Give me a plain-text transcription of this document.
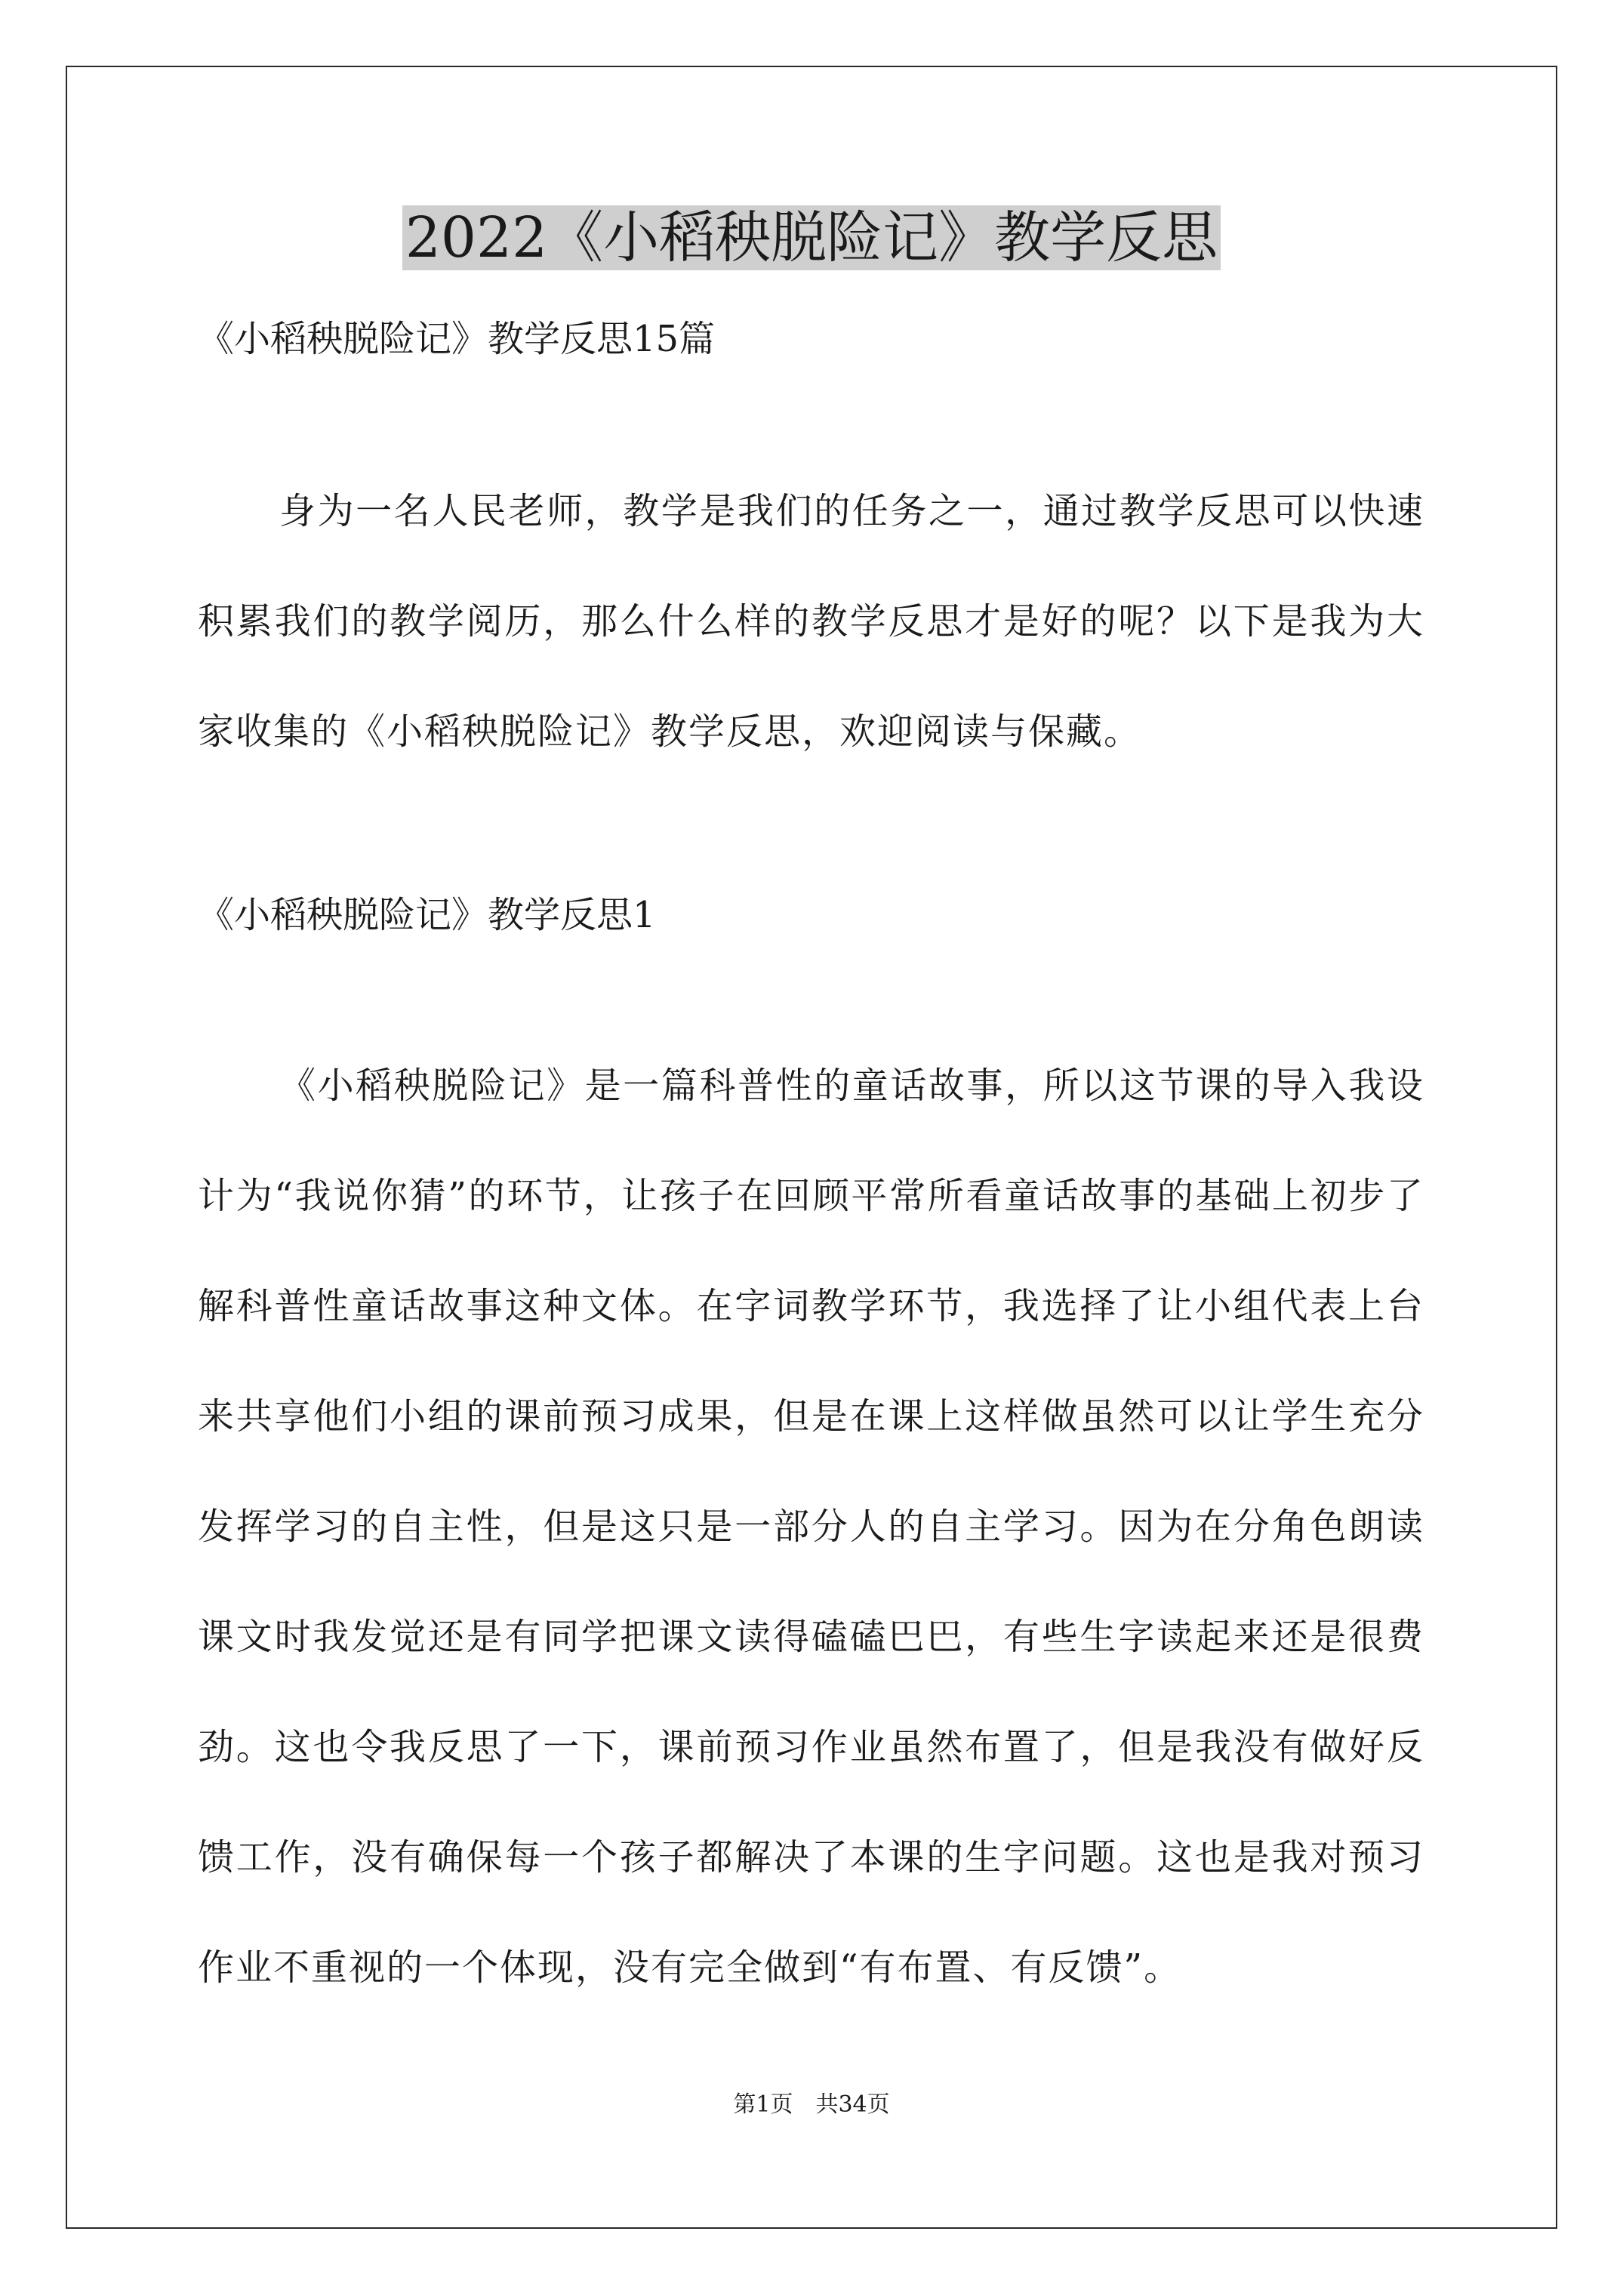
2022《小稻秧脱险记》教学反思

《小稻秧脱险记》教学反思15篇

身为一名人民老师，教学是我们的任务之一，通过教学反思可以快速积累我们的教学阅历，那么什么样的教学反思才是好的呢？以下是我为大家收集的《小稻秧脱险记》教学反思，欢迎阅读与保藏。

《小稻秧脱险记》教学反思1

《小稻秧脱险记》是一篇科普性的童话故事，所以这节课的导入我设计为“我说你猜”的环节，让孩子在回顾平常所看童话故事的基础上初步了解科普性童话故事这种文体。在字词教学环节，我选择了让小组代表上台来共享他们小组的课前预习成果，但是在课上这样做虽然可以让学生充分发挥学习的自主性，但是这只是一部分人的自主学习。因为在分角色朗读课文时我发觉还是有同学把课文读得磕磕巴巴，有些生字读起来还是很费劲。这也令我反思了一下，课前预习作业虽然布置了，但是我没有做好反馈工作，没有确保每一个孩子都解决了本课的生字问题。这也是我对预习作业不重视的一个体现，没有完全做到“有布置、有反馈”。

第1页　共34页
